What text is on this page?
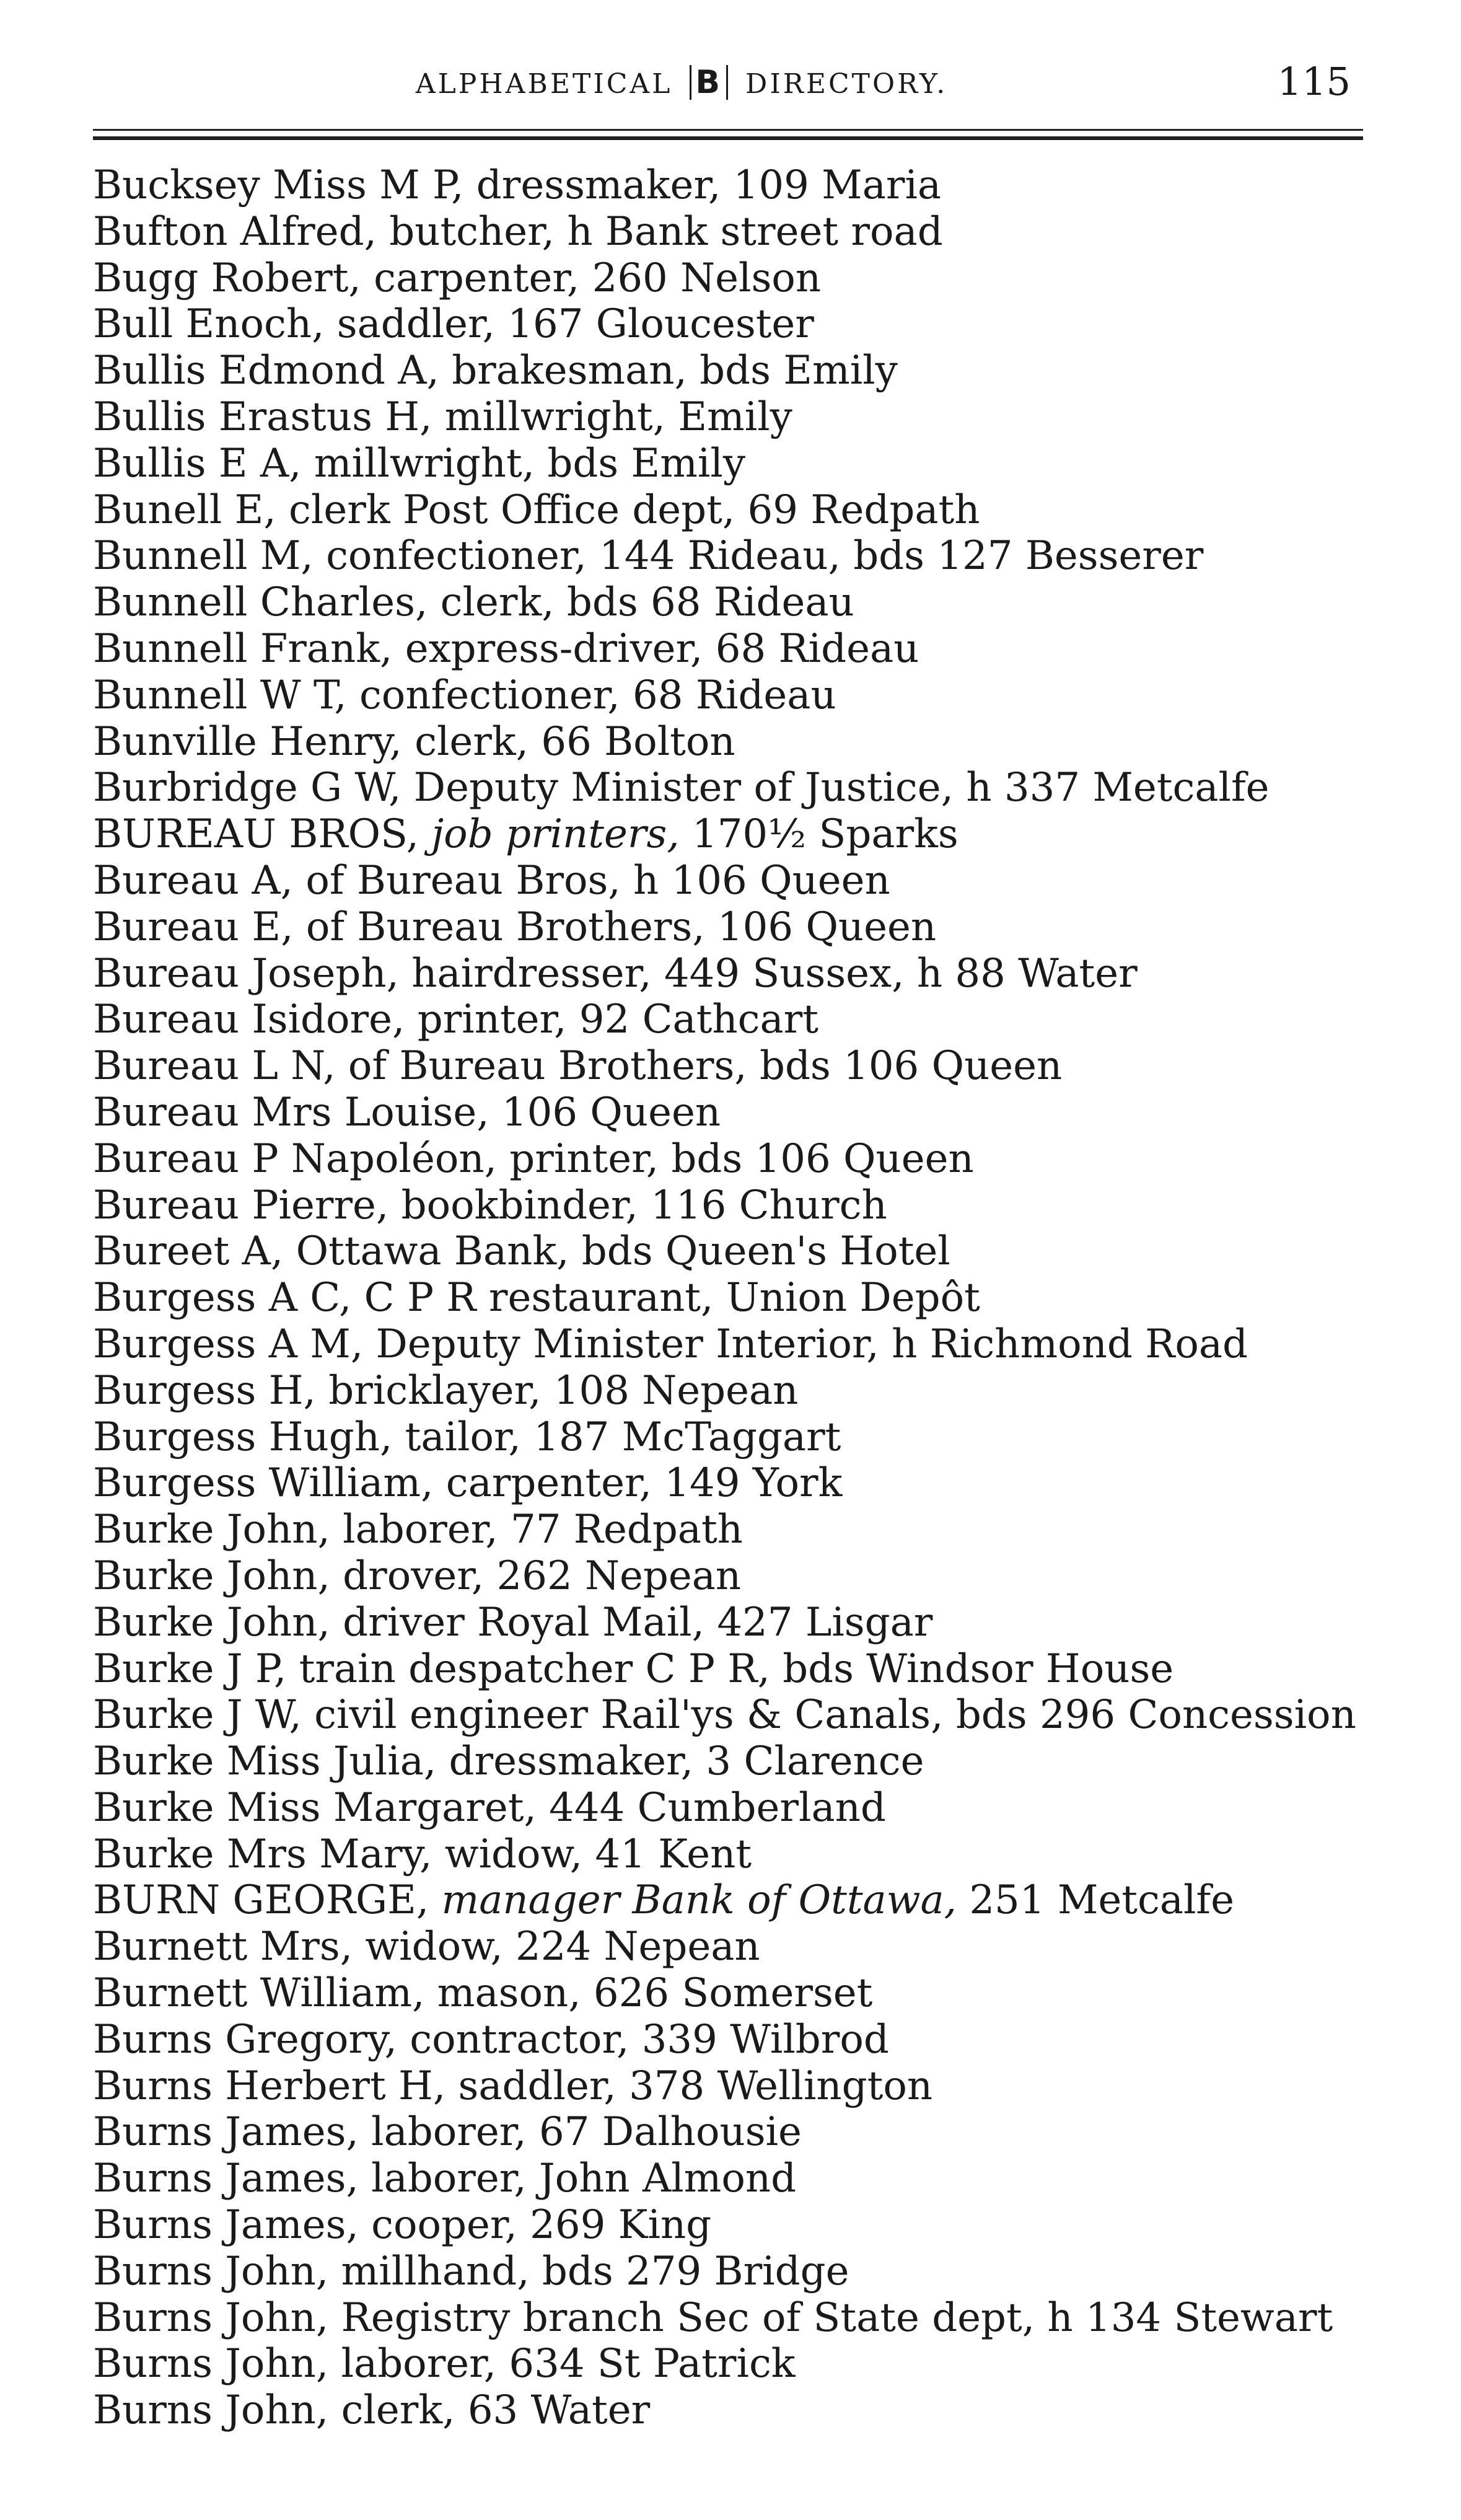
ALPHABETICAL B DIRECTORY.	115
Bucksey Miss M P, dressmaker, 109 Maria
Bufton Alfred, butcher, h Bank street road
Bugg Robert, carpenter, 260 Nelson
Bull Enoch, saddler, 167 Gloucester
Bullis Edmond A, brakesman, bds Emily
Bullis Erastus H, millwright, Emily
Bullis E A, millwright, bds Emily
Bunell E, clerk Post Office dept, 69 Redpath
Bunnell M, confectioner, 144 Rideau, bds 127 Besserer
Bunnell Charles, clerk, bds 68 Rideau
Bunnell Frank, express-driver, 68 Rideau
Bunnell W T, confectioner, 68 Rideau
Bunville Henry, clerk, 66 Bolton
Burbridge G W, Deputy Minister of Justice, h 337 Metcalfe
BUREAU BROS, job printers, 170½ Sparks
Bureau A, of Bureau Bros, h 106 Queen
Bureau E, of Bureau Brothers, 106 Queen
Bureau Joseph, hairdresser, 449 Sussex, h 88 Water
Bureau Isidore, printer, 92 Cathcart
Bureau L N, of Bureau Brothers, bds 106 Queen
Bureau Mrs Louise, 106 Queen
Bureau P Napoléon, printer, bds 106 Queen
Bureau Pierre, bookbinder, 116 Church
Bureet A, Ottawa Bank, bds Queen's Hotel
Burgess A C, C P R restaurant, Union Depôt
Burgess A M, Deputy Minister Interior, h Richmond Road
Burgess H, bricklayer, 108 Nepean
Burgess Hugh, tailor, 187 McTaggart
Burgess William, carpenter, 149 York
Burke John, laborer, 77 Redpath
Burke John, drover, 262 Nepean
Burke John, driver Royal Mail, 427 Lisgar
Burke J P, train despatcher C P R, bds Windsor House
Burke J W, civil engineer Rail'ys & Canals, bds 296 Concession
Burke Miss Julia, dressmaker, 3 Clarence
Burke Miss Margaret, 444 Cumberland
Burke Mrs Mary, widow, 41 Kent
BURN GEORGE, manager Bank of Ottawa, 251 Metcalfe
Burnett Mrs, widow, 224 Nepean
Burnett William, mason, 626 Somerset
Burns Gregory, contractor, 339 Wilbrod
Burns Herbert H, saddler, 378 Wellington
Burns James, laborer, 67 Dalhousie
Burns James, laborer, John Almond
Burns James, cooper, 269 King
Burns John, millhand, bds 279 Bridge
Burns John, Registry branch Sec of State dept, h 134 Stewart
Burns John, laborer, 634 St Patrick
Burns John, clerk, 63 Water
